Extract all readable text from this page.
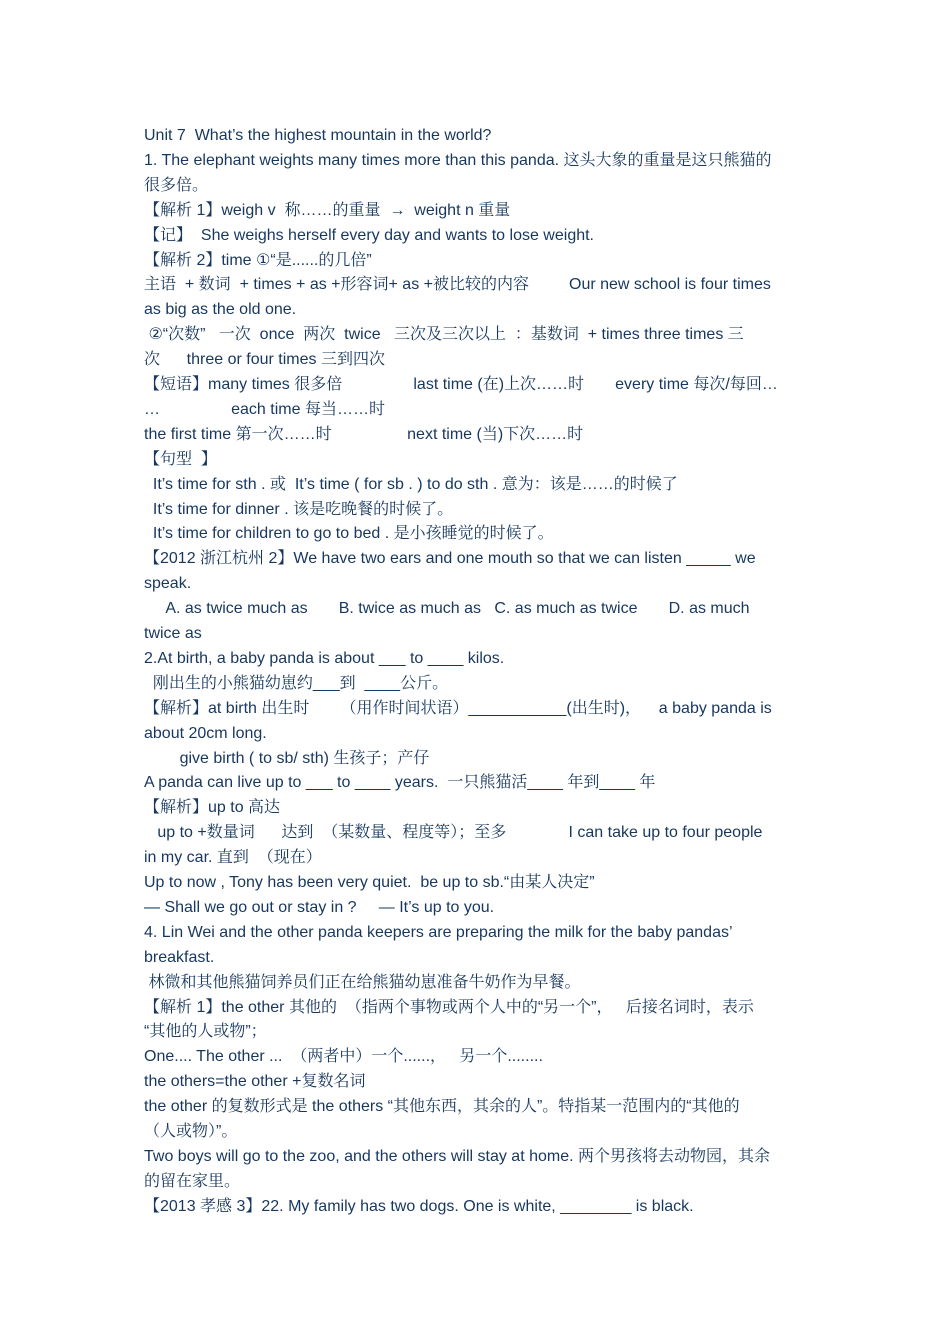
Unit 7  What’s the highest mountain in the world?
1. The elephant weights many times more than this panda. 这头大象的重量是这只熊猫的
很多倍。
【解析 1】weigh v  称……的重量  →  weight n 重量
【记】  She weighs herself every day and wants to lose weight.
【解析 2】time ①“是......的几倍”
主语  + 数词  + times + as +形容词+ as +被比较的内容         Our new school is four times
as big as the old one.
②“次数”   一次  once  两次  twice   三次及三次以上  ：基数词  + times three times 三
次      three or four times 三到四次
【短语】many times 很多倍                last time (在)上次……时       every time 每次/每回…
…                each time 每当……时
the first time 第一次……时                 next time (当)下次……时
【句型  】
It’s time for sth . 或  It’s time ( for sb . ) to do sth . 意为：该是……的时候了
It’s time for dinner . 该是吃晚餐的时候了。
It’s time for children to go to bed . 是小孩睡觉的时候了。
【2012 浙江杭州 2】We have two ears and one mouth so that we can listen _____ we
speak.
A. as twice much as       B. twice as much as   C. as much as twice       D. as much
twice as
2.At birth, a baby panda is about ___ to ____ kilos.
刚出生的小熊猫幼崽约___到  ____公斤。
【解析】at birth 出生时       （用作时间状语）___________(出生时)，    a baby panda is
about 20cm long.
give birth ( to sb/ sth) 生孩子；产仔
A panda can live up to ___ to ____ years.  一只熊猫活____ 年到____ 年
【解析】up to 高达
up to +数量词      达到  （某数量、程度等）；至多              I can take up to four people
in my car. 直到  （现在）
Up to now , Tony has been very quiet.  be up to sb.“由某人决定”
— Shall we go out or stay in ?     — It’s up to you.
4. Lin Wei and the other panda keepers are preparing the milk for the baby pandas’
breakfast.
林微和其他熊猫饲养员们正在给熊猫幼崽准备牛奶作为早餐。
【解析 1】the other 其他的  （指两个事物或两个人中的“另一个”，   后接名词时，表示
“其他的人或物”；
One.... The other ...  （两者中）一个......，   另一个........
the others=the other +复数名词
the other 的复数形式是 the others “其他东西，其余的人”。特指某一范围内的“其他的
（人或物）”。
Two boys will go to the zoo, and the others will stay at home. 两个男孩将去动物园，其余
的留在家里。
【2013 孝感 3】22. My family has two dogs. One is white, ________ is black.
